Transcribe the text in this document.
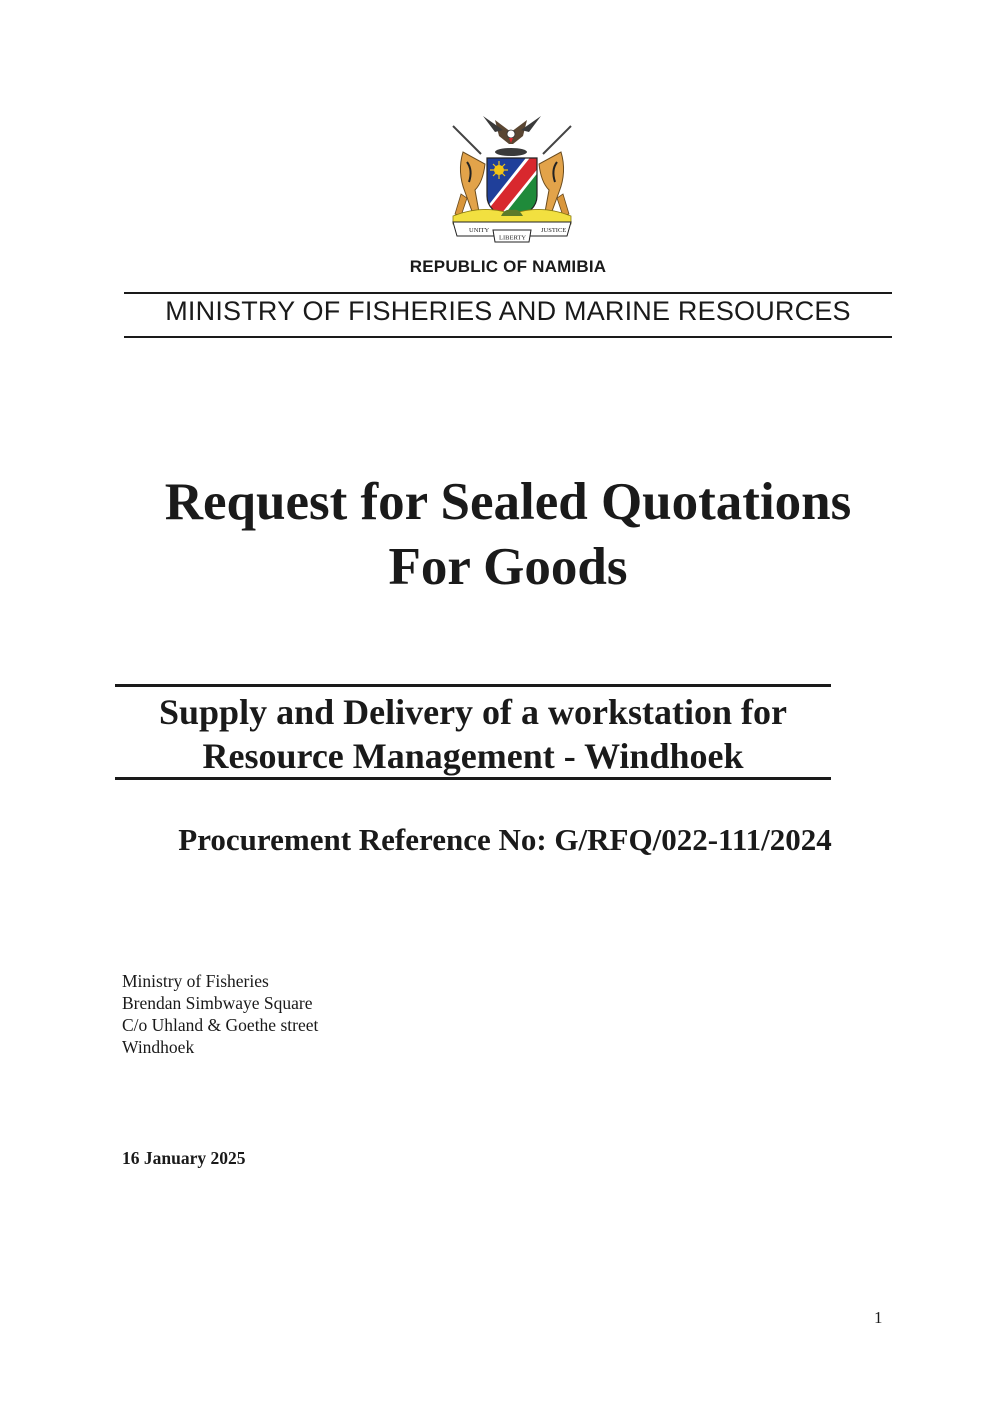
UNITY	JUSTICE
LIBERTY
REPUBLIC OF NAMIBIA
MINISTRY OF FISHERIES AND MARINE RESOURCES
Request for Sealed Quotations
For Goods
Supply and Delivery of a workstation for
Resource Management - Windhoek
Procurement Reference No: G/RFQ/022-111/2024
Ministry of Fisheries
Brendan Simbwaye Square
C/o Uhland & Goethe street
Windhoek
16 January 2025
1
